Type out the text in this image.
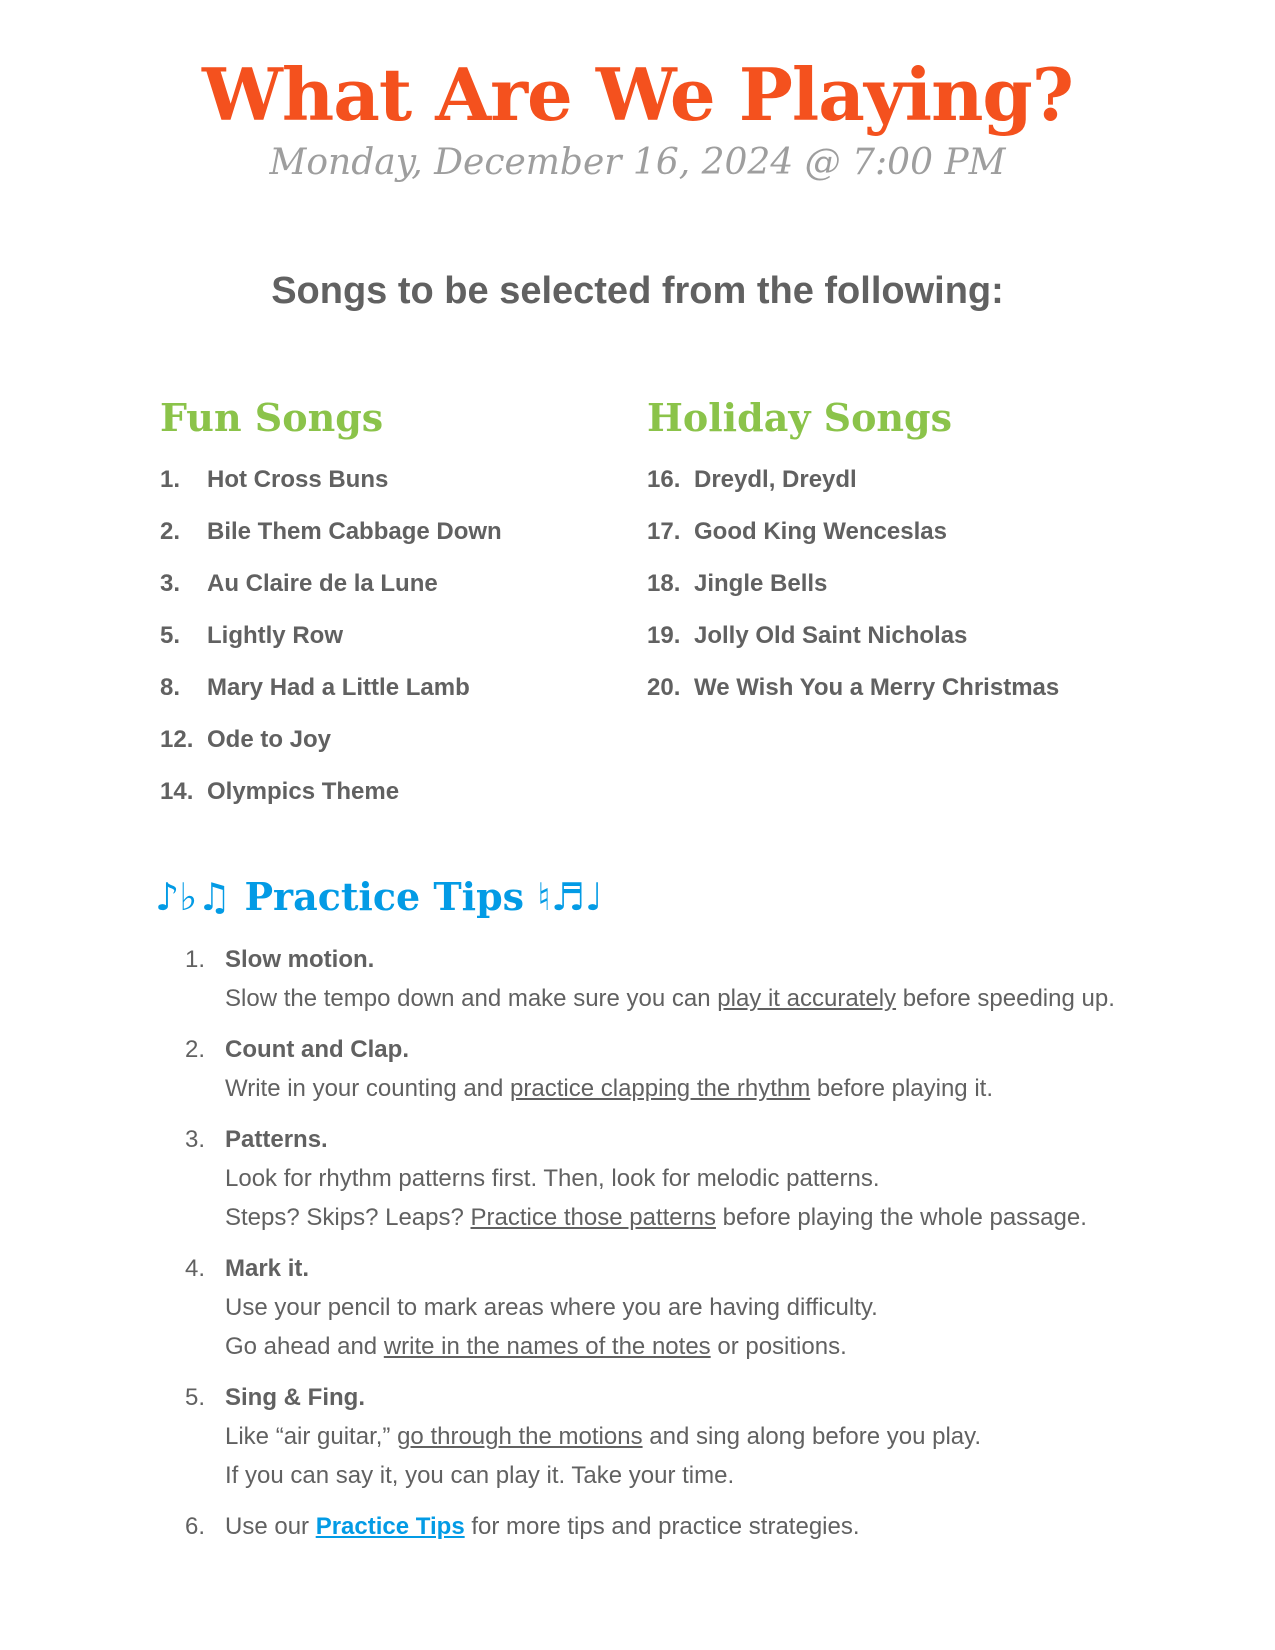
What Are We Playing?
Monday, December 16, 2024 @ 7:00 PM
Songs to be selected from the following:
Fun Songs
1.	Hot Cross Buns
2.	Bile Them Cabbage Down
3.	Au Claire de la Lune
5.	Lightly Row
8.	Mary Had a Little Lamb
12. Ode to Joy
14. Olympics Theme
Holiday Songs
16. Dreydl, Dreydl
17. Good King Wenceslas
18. Jingle Bells
19. Jolly Old Saint Nicholas
20. We Wish You a Merry Christmas
♪♭♫ Practice Tips ♮♬♩
1. Slow motion.
Slow the tempo down and make sure you can play it accurately before speeding up.
2. Count and Clap.
Write in your counting and practice clapping the rhythm before playing it.
3. Patterns.
Look for rhythm patterns first. Then, look for melodic patterns.
Steps? Skips? Leaps? Practice those patterns before playing the whole passage.
4. Mark it.
Use your pencil to mark areas where you are having difficulty.
Go ahead and write in the names of the notes or positions.
5. Sing & Fing.
Like “air guitar,” go through the motions and sing along before you play.
If you can say it, you can play it. Take your time.
6. Use our Practice Tips for more tips and practice strategies.
